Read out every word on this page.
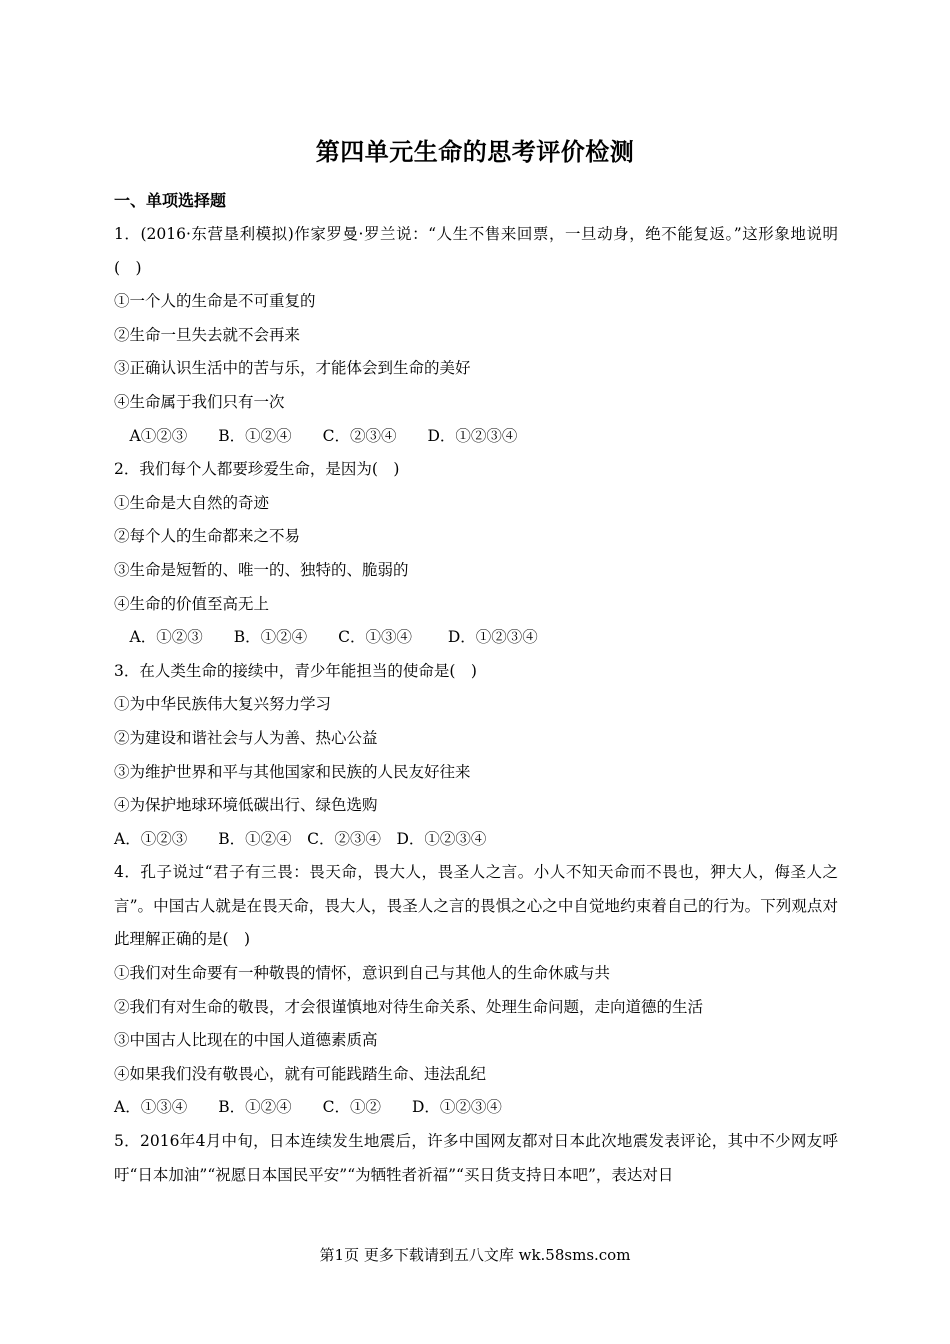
第四单元生命的思考评价检测
一、单项选择题
1．(2016·东营垦利模拟)作家罗曼·罗兰说：“人生不售来回票，一旦动身，绝不能复返。”这形象地说明(　)
①一个人的生命是不可重复的
②生命一旦失去就不会再来
③正确认识生活中的苦与乐，才能体会到生命的美好
④生命属于我们只有一次
　A①②③　　B．①②④　　C．②③④　　D．①②③④
2．我们每个人都要珍爱生命，是因为(　)
①生命是大自然的奇迹
②每个人的生命都来之不易
③生命是短暂的、唯一的、独特的、脆弱的
④生命的价值至高无上
　A．①②③　　B．①②④　　C．①③④　　 D．①②③④
3．在人类生命的接续中，青少年能担当的使命是(　)
①为中华民族伟大复兴努力学习
②为建设和谐社会与人为善、热心公益
③为维护世界和平与其他国家和民族的人民友好往来
④为保护地球环境低碳出行、绿色选购
A．①②③　　B．①②④　C．②③④　D．①②③④
4．孔子说过“君子有三畏：畏天命，畏大人，畏圣人之言。小人不知天命而不畏也，狎大人，侮圣人之言”。中国古人就是在畏天命，畏大人，畏圣人之言的畏惧之心之中自觉地约束着自己的行为。下列观点对此理解正确的是(　)
①我们对生命要有一种敬畏的情怀，意识到自己与其他人的生命休戚与共
②我们有对生命的敬畏，才会很谨慎地对待生命关系、处理生命问题，走向道德的生活
③中国古人比现在的中国人道德素质高
④如果我们没有敬畏心，就有可能践踏生命、违法乱纪
A．①③④　　B．①②④　　C．①②　　D．①②③④
5．2016年4月中旬，日本连续发生地震后，许多中国网友都对日本此次地震发表评论，其中不少网友呼吁“日本加油”“祝愿日本国民平安”“为牺牲者祈福”“买日货支持日本吧”，表达对日
第1页 更多下载请到五八文库 wk.58sms.com
